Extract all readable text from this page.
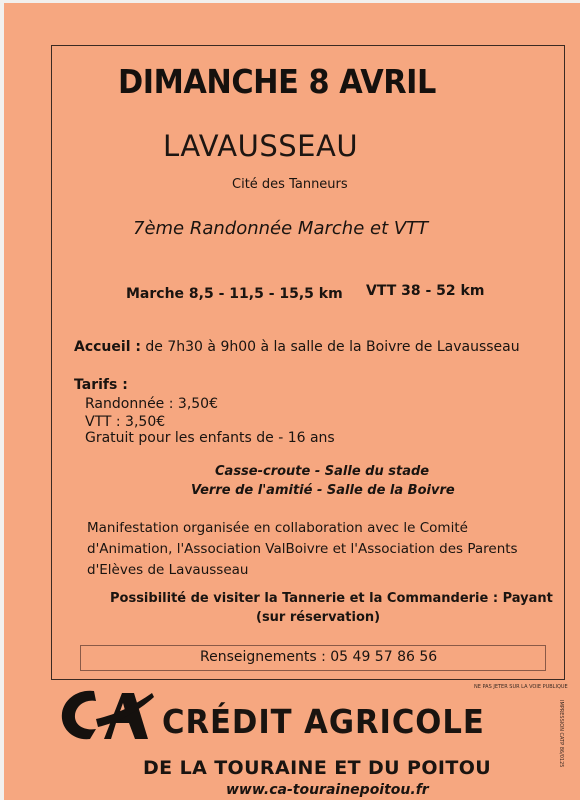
DIMANCHE 8 AVRIL
LAVAUSSEAU
Cité des Tanneurs
7ème Randonnée Marche et VTT
Marche 8,5 - 11,5 - 15,5 km VTT 38 - 52 km
Accueil : de 7h30 à 9h00 à la salle de la Boivre de Lavausseau
Tarifs :
Randonnée : 3,50€
VTT : 3,50€
Gratuit pour les enfants de - 16 ans
Casse-croute - Salle du stade
Verre de l'amitié - Salle de la Boivre
Manifestation organisée en collaboration avec le Comité
d'Animation, l'Association ValBoivre et l'Association des Parents
d'Elèves de Lavausseau
Possibilité de visiter la Tannerie et la Commanderie : Payant
(sur réservation)
Renseignements : 05 49 57 86 56
NE PAS JETER SUR LA VOIE PUBLIQUE
IMPRESSION CATP 86/0125
CRÉDIT AGRICOLE
DE LA TOURAINE ET DU POITOU
www.ca-tourainepoitou.fr
